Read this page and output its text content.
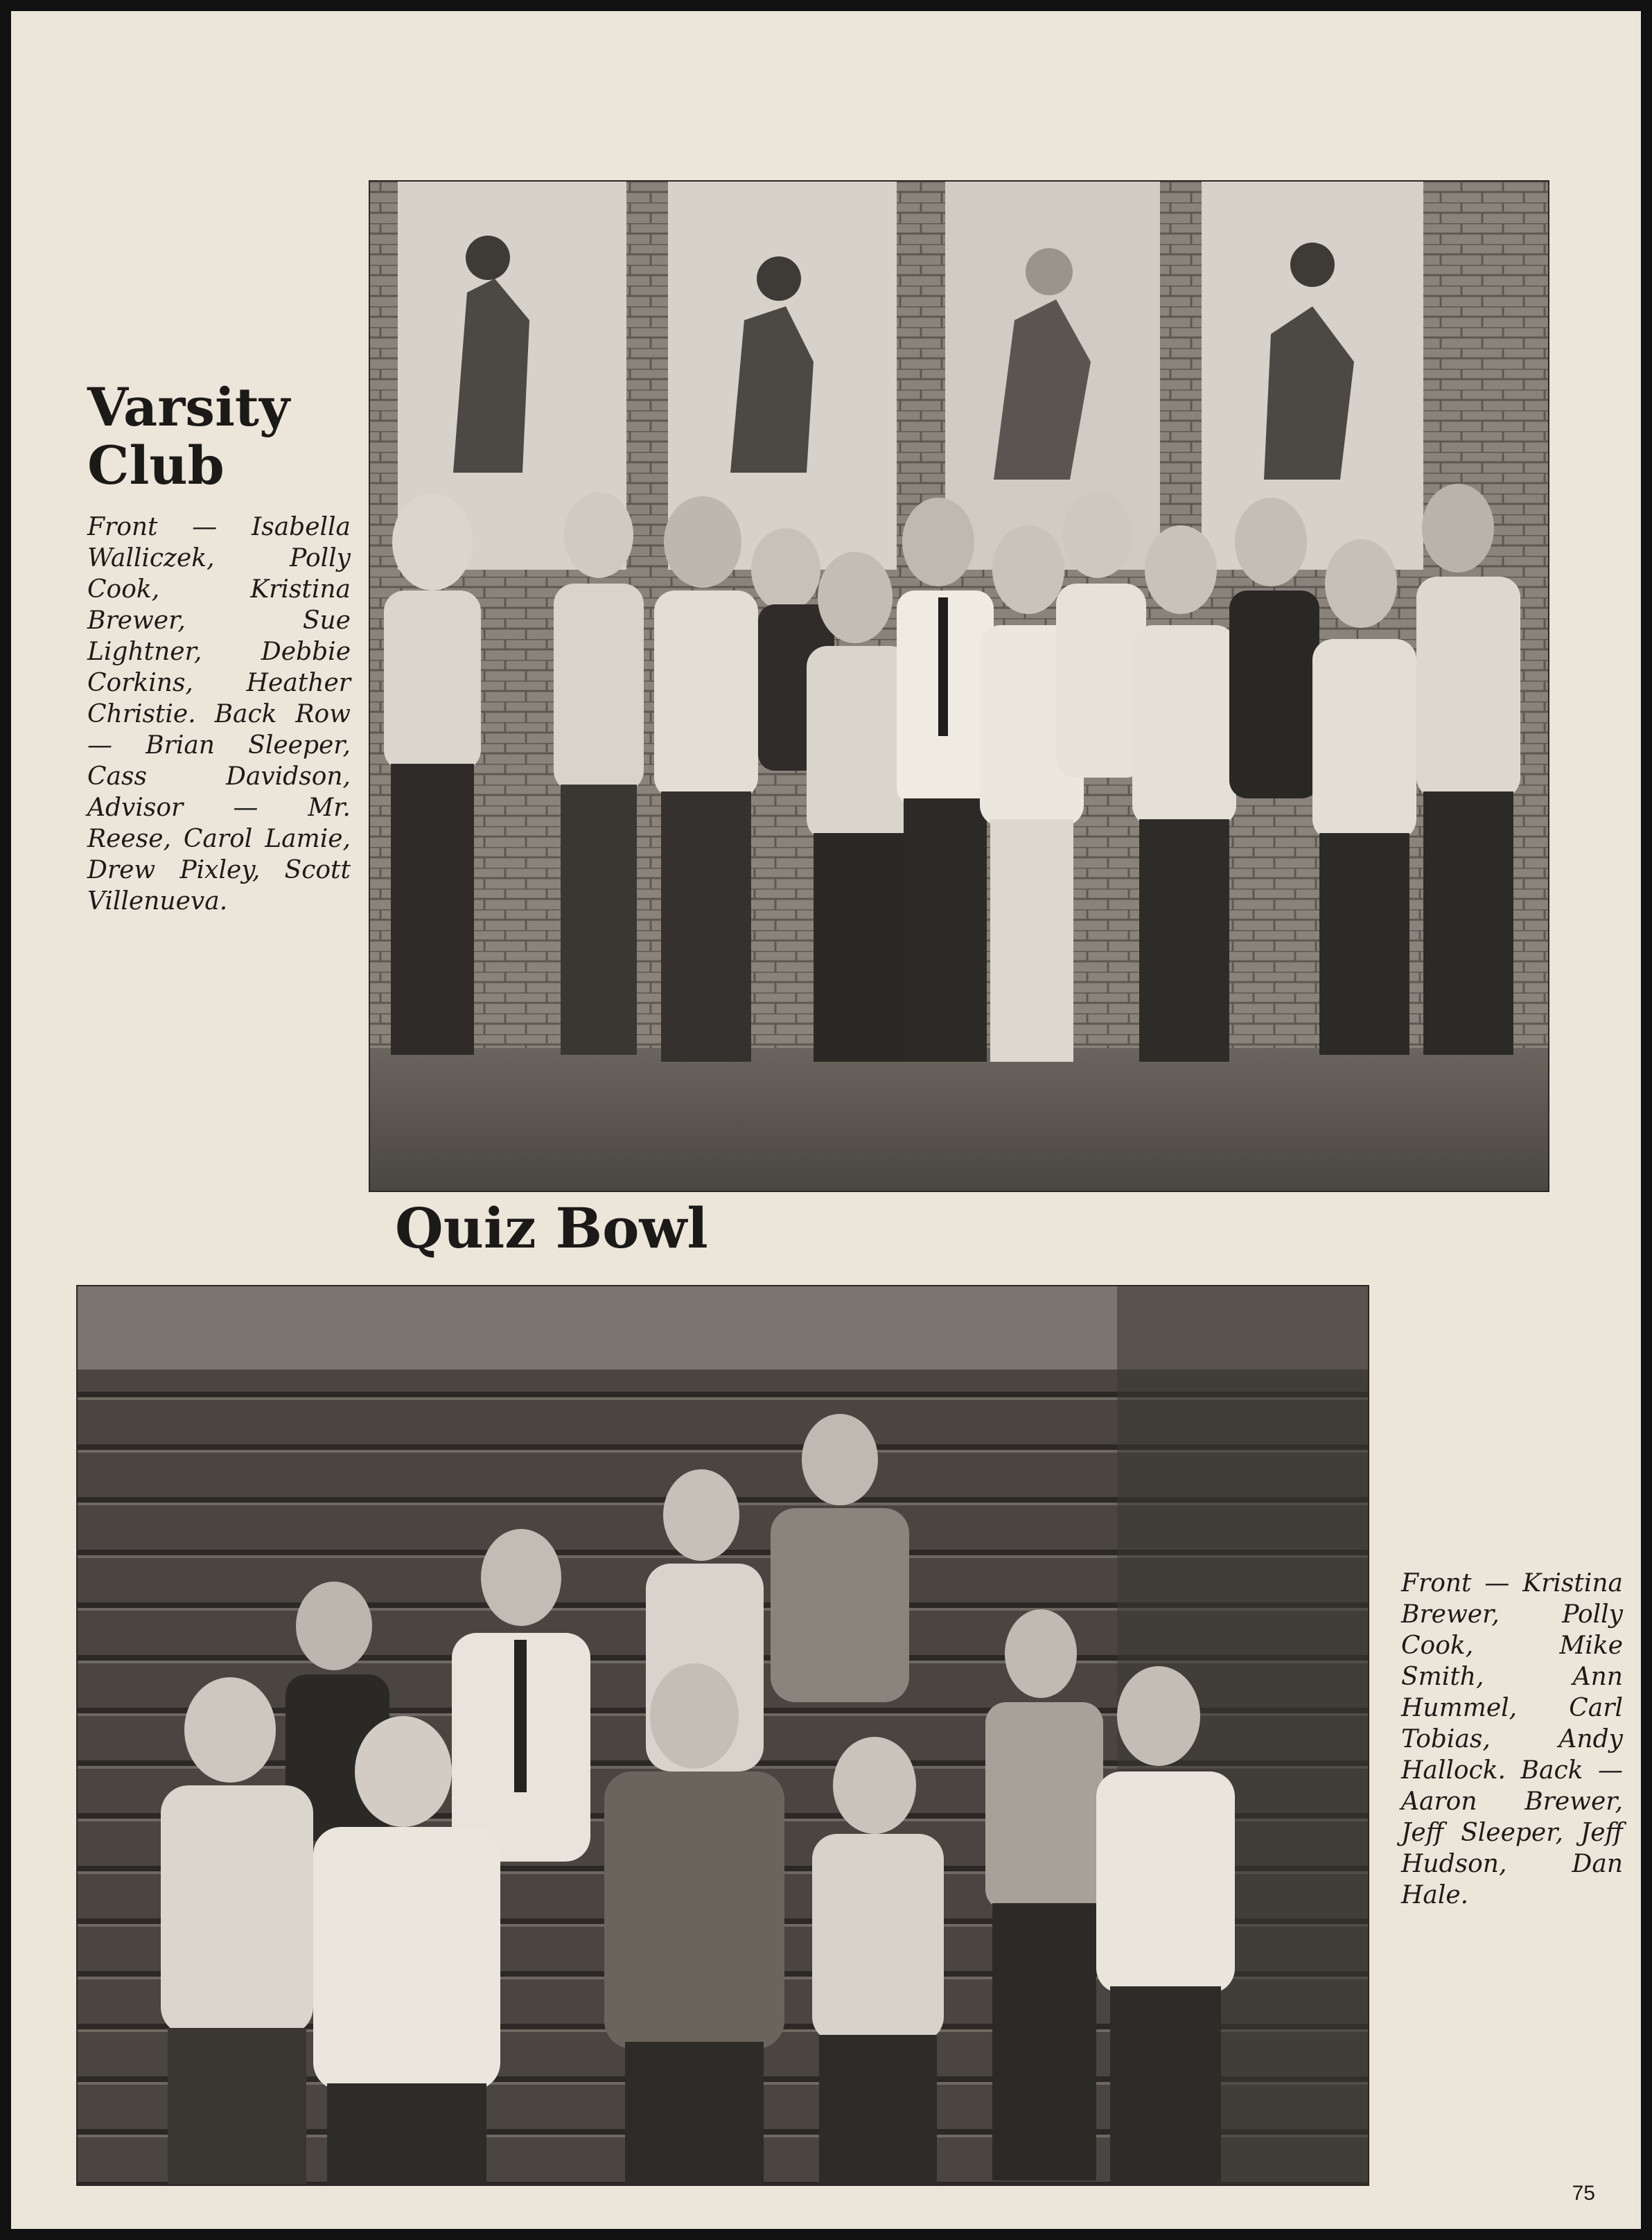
Varsity Club

Front — Isabella Walliczek, Polly Cook, Kristina Brewer, Sue Lightner, Debbie Corkins, Heather Christie. Back Row — Brian Sleeper, Cass Davidson, Advisor — Mr. Reese, Carol Lamie, Drew Pixley, Scott Villenueva.

Quiz Bowl

Front — Kristina Brewer, Polly Cook, Mike Smith, Ann Hummel, Carl Tobias, Andy Hallock. Back — Aaron Brewer, Jeff Sleeper, Jeff Hudson, Dan Hale.

75
